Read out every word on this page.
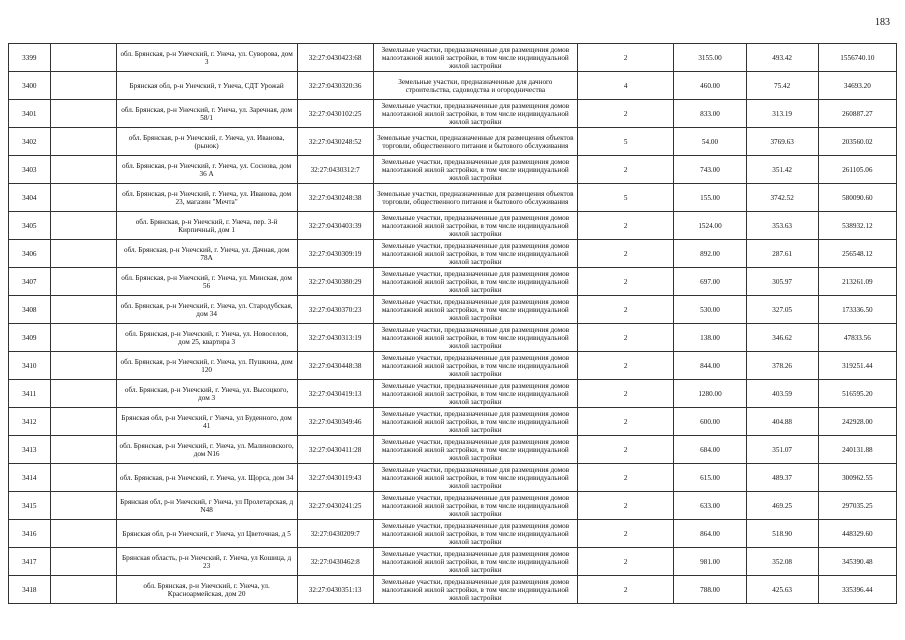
183
3399		обл. Брянская, р-н Унечский, г. Унеча, ул. Суворова, дом 3	32:27:0430423:68	Земельные участки, предназначенные для размещения домов малоэтажной жилой застройки, в том числе индивидуальной жилой застройки	2	3155.00	493.42	1556740.10
3400		Брянская обл, р-н Унечский, т Унеча, СДТ Урожай	32:27:0430320:36	Земельные участки, предназначенные для дачного строительства, садоводства и огородничества	4	460.00	75.42	34693.20
3401		обл. Брянская, р-н Унечский, г. Унеча, ул. Заречная, дом 58/1	32:27:0430102:25	Земельные участки, предназначенные для размещения домов малоэтажной жилой застройки, в том числе индивидуальной жилой застройки	2	833.00	313.19	260887.27
3402		обл. Брянская, р-н Унечский, г. Унеча, ул. Иванова, (рынок)	32:27:0430248:52	Земельные участки, предназначенные для размещения объектов торговли, общественного питания и бытового обслуживания	5	54.00	3769.63	203560.02
3403		обл. Брянская, р-н Унечский, г. Унеча, ул. Соснова, дом 36 А	32:27:0430312:7	Земельные участки, предназначенные для размещения домов малоэтажной жилой застройки, в том числе индивидуальной жилой застройки	2	743.00	351.42	261105.06
3404		обл. Брянская, р-н Унечский, г. Унеча, ул. Иванова, дом 23, магазин "Мечта"	32:27:0430248:38	Земельные участки, предназначенные для размещения объектов торговли, общественного питания и бытового обслуживания	5	155.00	3742.52	580090.60
3405		обл. Брянская, р-н Унечский, г. Унеча, пер. 3-й Кирпичный, дом 1	32:27:0430403:39	Земельные участки, предназначенные для размещения домов малоэтажной жилой застройки, в том числе индивидуальной жилой застройки	2	1524.00	353.63	538932.12
3406		обл. Брянская, р-н Унечский, г. Унеча, ул. Дачная, дом 78А	32:27:0430309:19	Земельные участки, предназначенные для размещения домов малоэтажной жилой застройки, в том числе индивидуальной жилой застройки	2	892.00	287.61	256548.12
3407		обл. Брянская, р-н Унечский, г. Унеча, ул. Минская, дом 56	32:27:0430380:29	Земельные участки, предназначенные для размещения домов малоэтажной жилой застройки, в том числе индивидуальной жилой застройки	2	697.00	305.97	213261.09
3408		обл. Брянская, р-н Унечский, г. Унеча, ул. Стародубская, дом 34	32:27:0430370:23	Земельные участки, предназначенные для размещения домов малоэтажной жилой застройки, в том числе индивидуальной жилой застройки	2	530.00	327.05	173336.50
3409		обл. Брянская, р-н Унечский, г. Унеча, ул. Новоселов, дом 25, квартира 3	32:27:0430313:19	Земельные участки, предназначенные для размещения домов малоэтажной жилой застройки, в том числе индивидуальной жилой застройки	2	138.00	346.62	47833.56
3410		обл. Брянская, р-н Унечский, г. Унеча, ул. Пушкина, дом 120	32:27:0430448:38	Земельные участки, предназначенные для размещения домов малоэтажной жилой застройки, в том числе индивидуальной жилой застройки	2	844.00	378.26	319251.44
3411		обл. Брянская, р-н Унечский, г. Унеча, ул. Высоцкого, дом 3	32:27:0430419:13	Земельные участки, предназначенные для размещения домов малоэтажной жилой застройки, в том числе индивидуальной жилой застройки	2	1280.00	403.59	516595.20
3412		Брянская обл, р-н Унечский, г Унеча, ул Буденного, дом 41	32:27:0430349:46	Земельные участки, предназначенные для размещения домов малоэтажной жилой застройки, в том числе индивидуальной жилой застройки	2	600.00	404.88	242928.00
3413		обл. Брянская, р-н Унечский, г. Унеча, ул. Малиновского, дом N16	32:27:0430411:28	Земельные участки, предназначенные для размещения домов малоэтажной жилой застройки, в том числе индивидуальной жилой застройки	2	684.00	351.07	240131.88
3414		обл. Брянская, р-н Унечский, г. Унеча, ул. Щорса, дом 34	32:27:0430119:43	Земельные участки, предназначенные для размещения домов малоэтажной жилой застройки, в том числе индивидуальной жилой застройки	2	615.00	489.37	300962.55
3415		Брянская обл, р-н Унечский, г Унеча, ул Пролетарская, д N48	32:27:0430241:25	Земельные участки, предназначенные для размещения домов малоэтажной жилой застройки, в том числе индивидуальной жилой застройки	2	633.00	469.25	297035.25
3416		Брянская обл, р-н Унечский, г Унеча, ул Цветочная, д 5	32:27:0430209:7	Земельные участки, предназначенные для размещения домов малоэтажной жилой застройки, в том числе индивидуальной жилой застройки	2	864.00	518.90	448329.60
3417		Брянская область, р-н Унечский, г. Унеча, ул Кошица, д 23	32:27:0430462:8	Земельные участки, предназначенные для размещения домов малоэтажной жилой застройки, в том числе индивидуальной жилой застройки	2	981.00	352.08	345390.48
3418		обл. Брянская, р-н Унечский, г. Унеча, ул. Красноармейская, дом 20	32:27:0430351:13	Земельные участки, предназначенные для размещения домов малоэтажной жилой застройки, в том числе индивидуальной жилой застройки	2	788.00	425.63	335396.44
